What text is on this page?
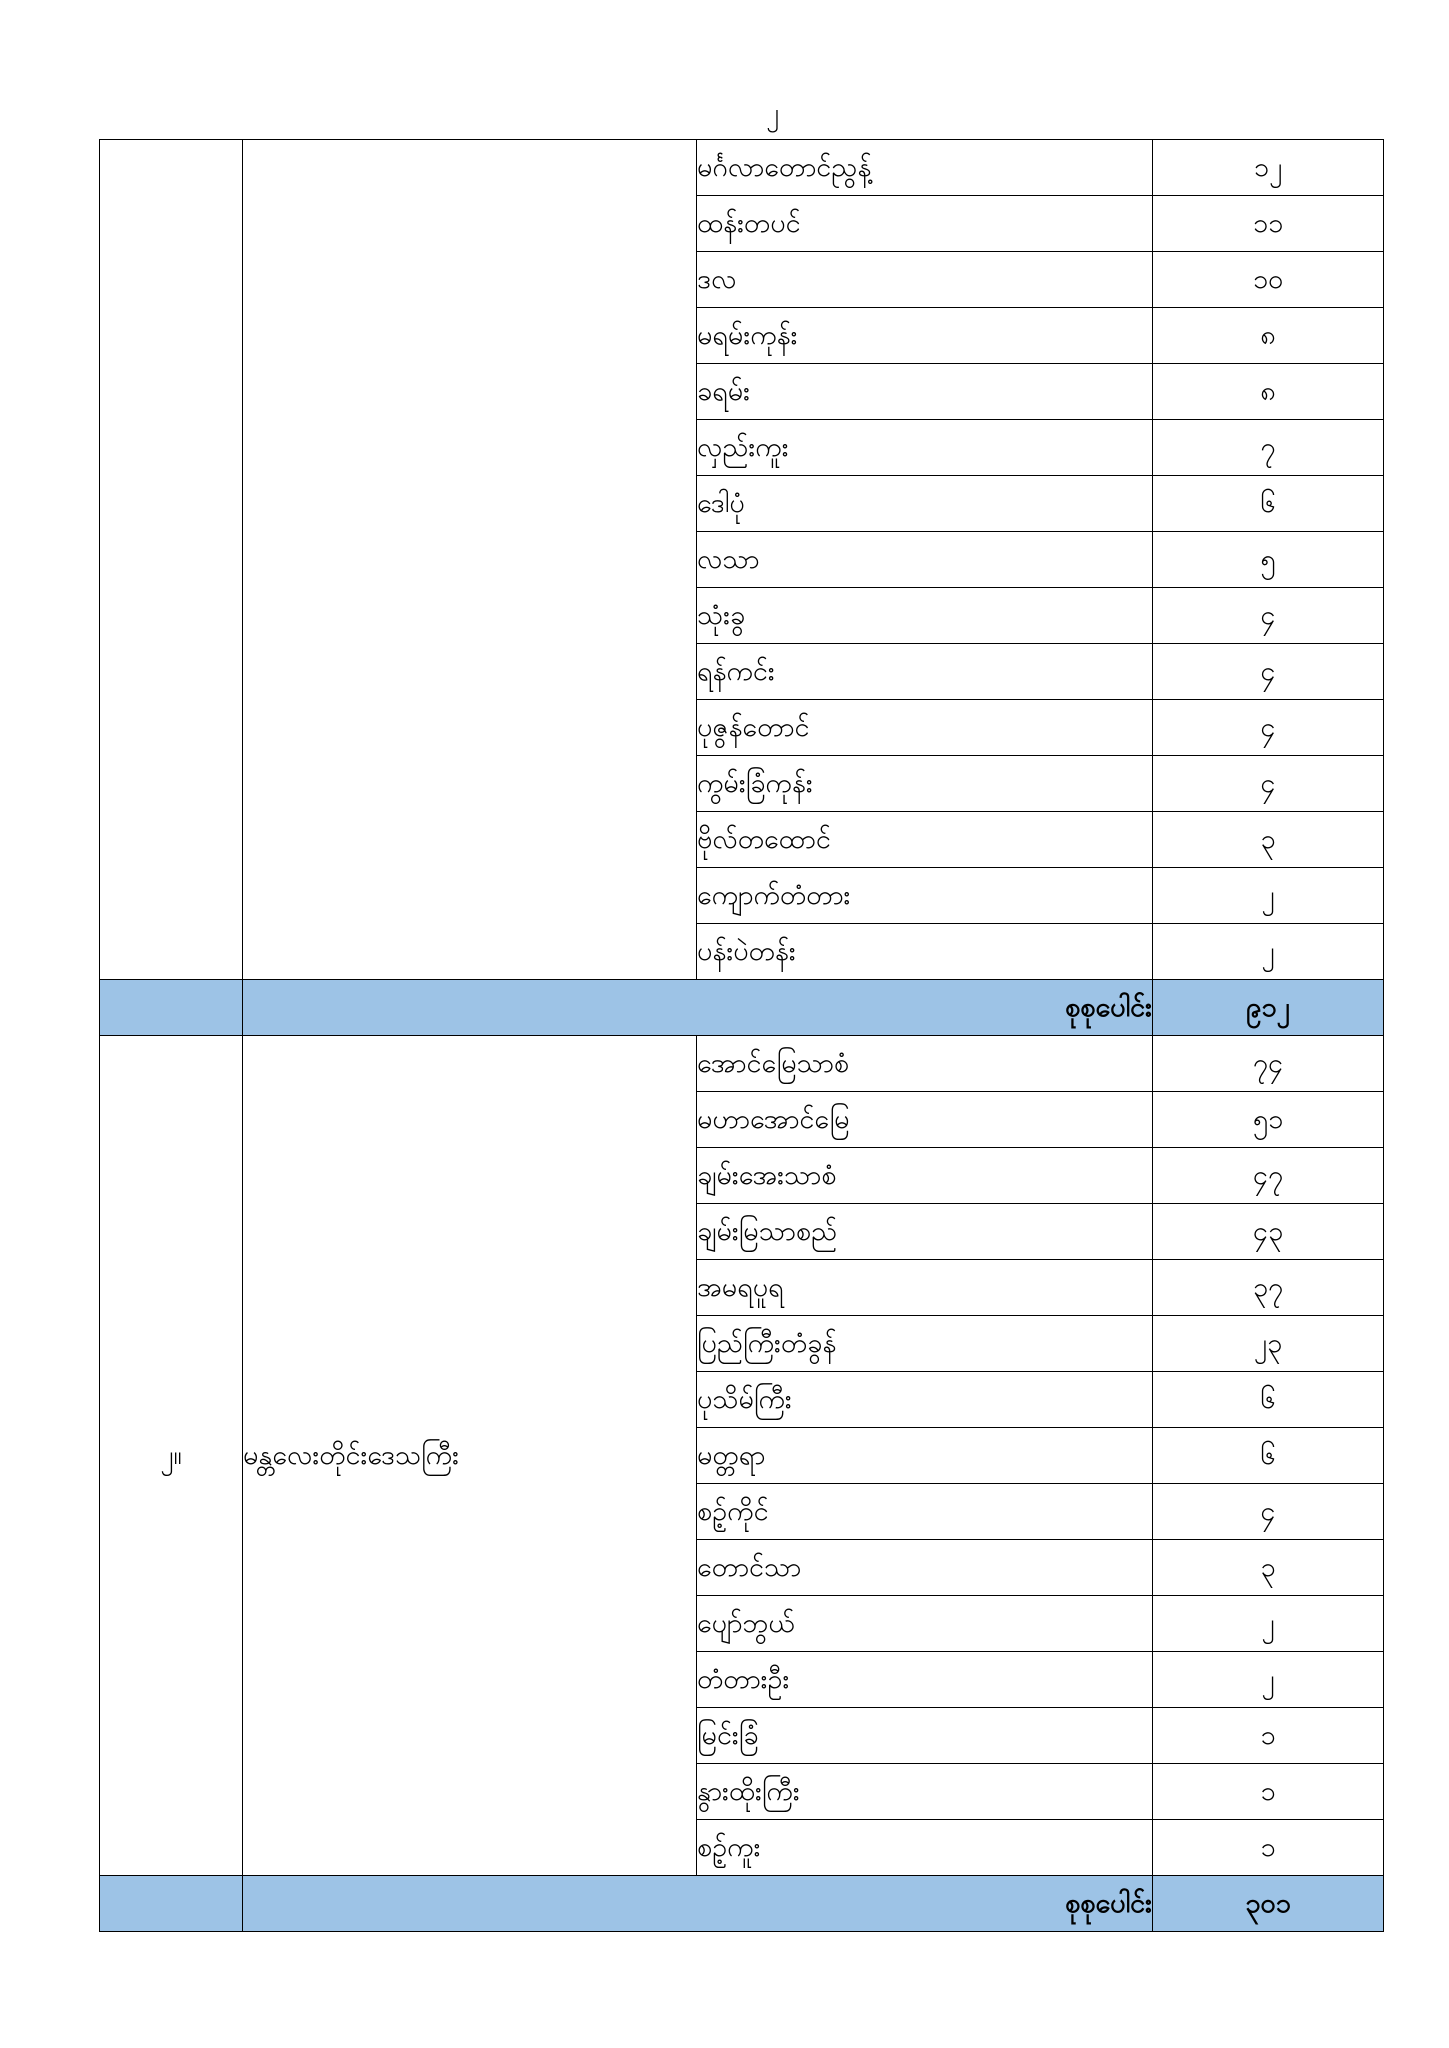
၂
		မင်္ဂလာတောင်ညွန့်	၁၂
		ထန်းတပင်	၁၁
		ဒလ	၁၀
		မရမ်းကုန်း	၈
		ခရမ်း	၈
		လှည်းကူး	၇
		ဒေါပုံ	၆
		လသာ	၅
		သုံးခွ	၄
		ရန်ကင်း	၄
		ပုဇွန်တောင်	၄
		ကွမ်းခြံကုန်း	၄
		ဗိုလ်တထောင်	၃
		ကျောက်တံတား	၂
		ပန်းပဲတန်း	၂
	စုစုပေါင်း		၉၁၂
၂။	မန္တလေးတိုင်းဒေသကြီး	အောင်မြေသာစံ	၇၄
		မဟာအောင်မြေ	၅၁
		ချမ်းအေးသာစံ	၄၇
		ချမ်းမြသာစည်	၄၃
		အမရပူရ	၃၇
		ပြည်ကြီးတံခွန်	၂၃
		ပုသိမ်ကြီး	၆
		မတ္တရာ	၆
		စဉ့်ကိုင်	၄
		တောင်သာ	၃
		ပျော်ဘွယ်	၂
		တံတားဦး	၂
		မြင်းခြံ	၁
		နွားထိုးကြီး	၁
		စဉ့်ကူး	၁
	စုစုပေါင်း		၃၀၁
